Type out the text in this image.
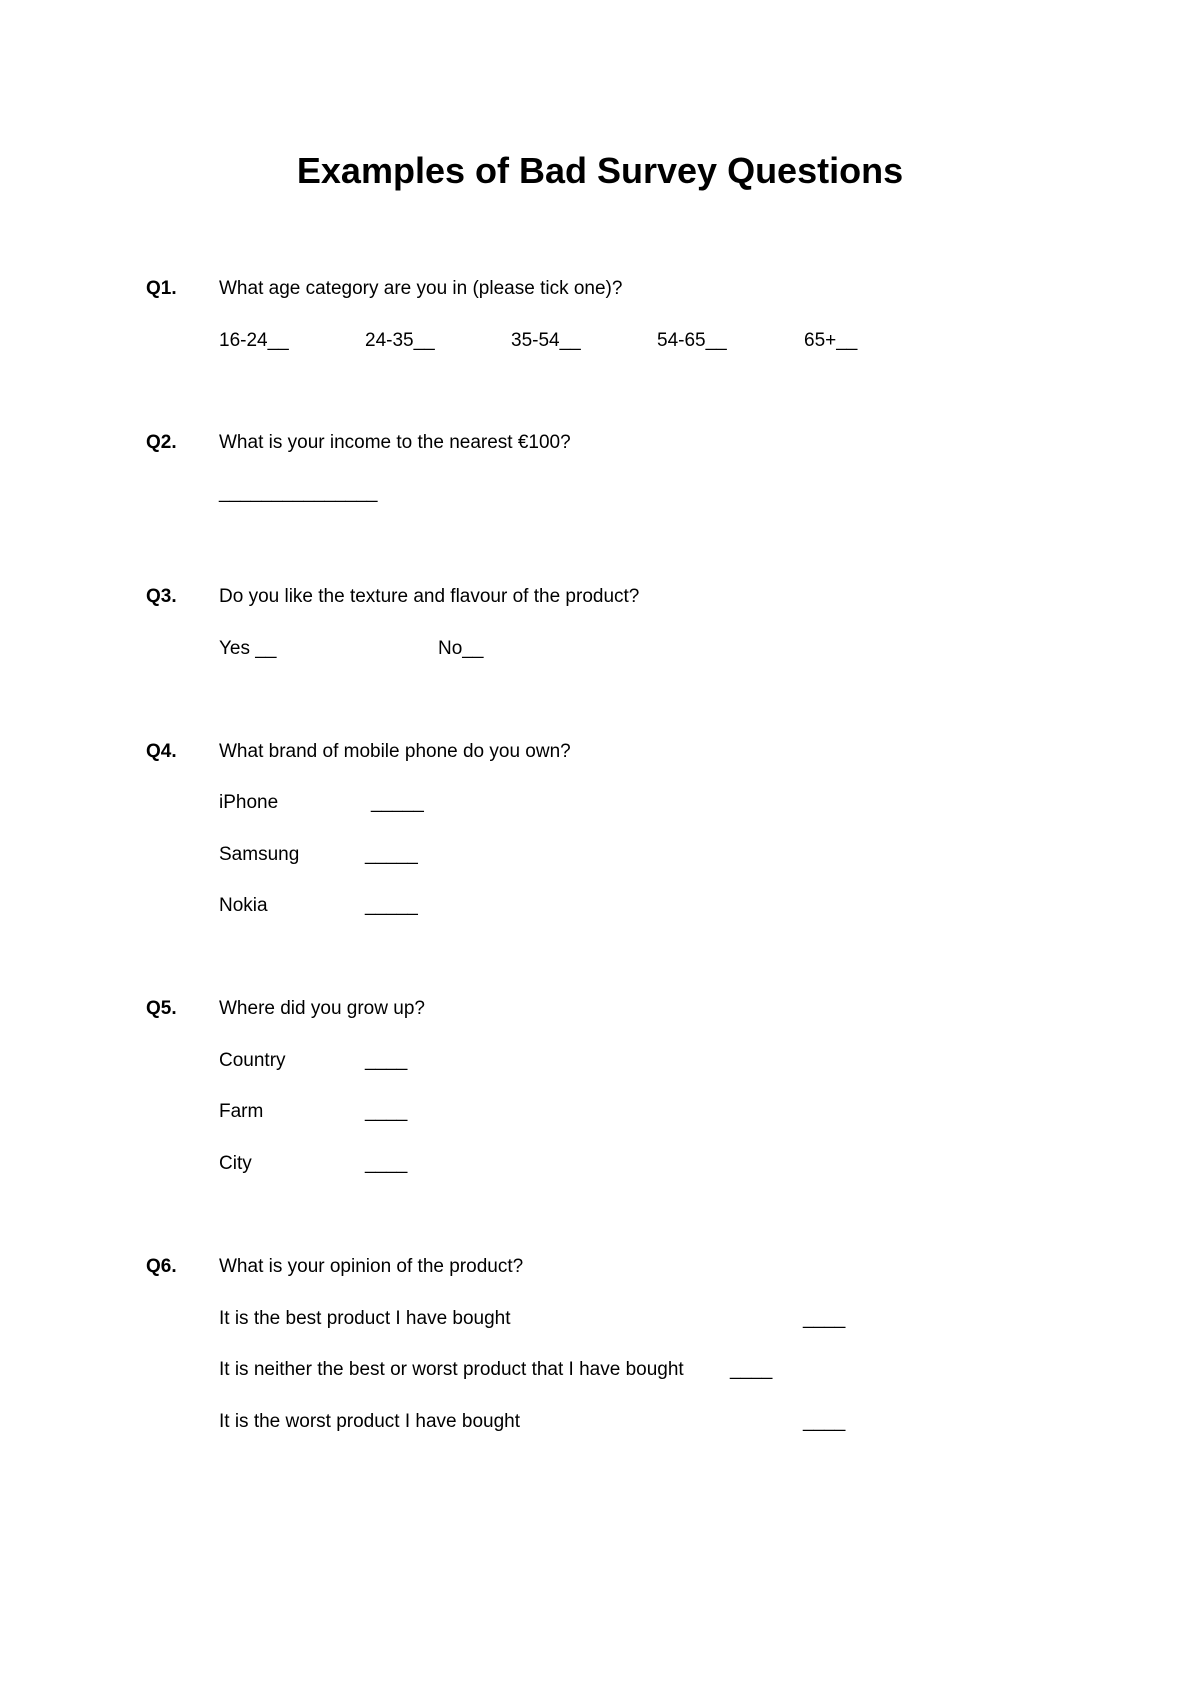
Examples of Bad Survey Questions
Q1. What age category are you in (please tick one)?
16-24__	24-35__	35-54__	54-65__	65+__
Q2. What is your income to the nearest €100?
_______________
Q3. Do you like the texture and flavour of the product?
Yes __	No__
Q4. What brand of mobile phone do you own?
iPhone	_____
Samsung	_____
Nokia	_____
Q5. Where did you grow up?
Country	____
Farm	____
City	____
Q6. What is your opinion of the product?
It is the best product I have bought	____
It is neither the best or worst product that I have bought ____
It is the worst product I have bought	____
